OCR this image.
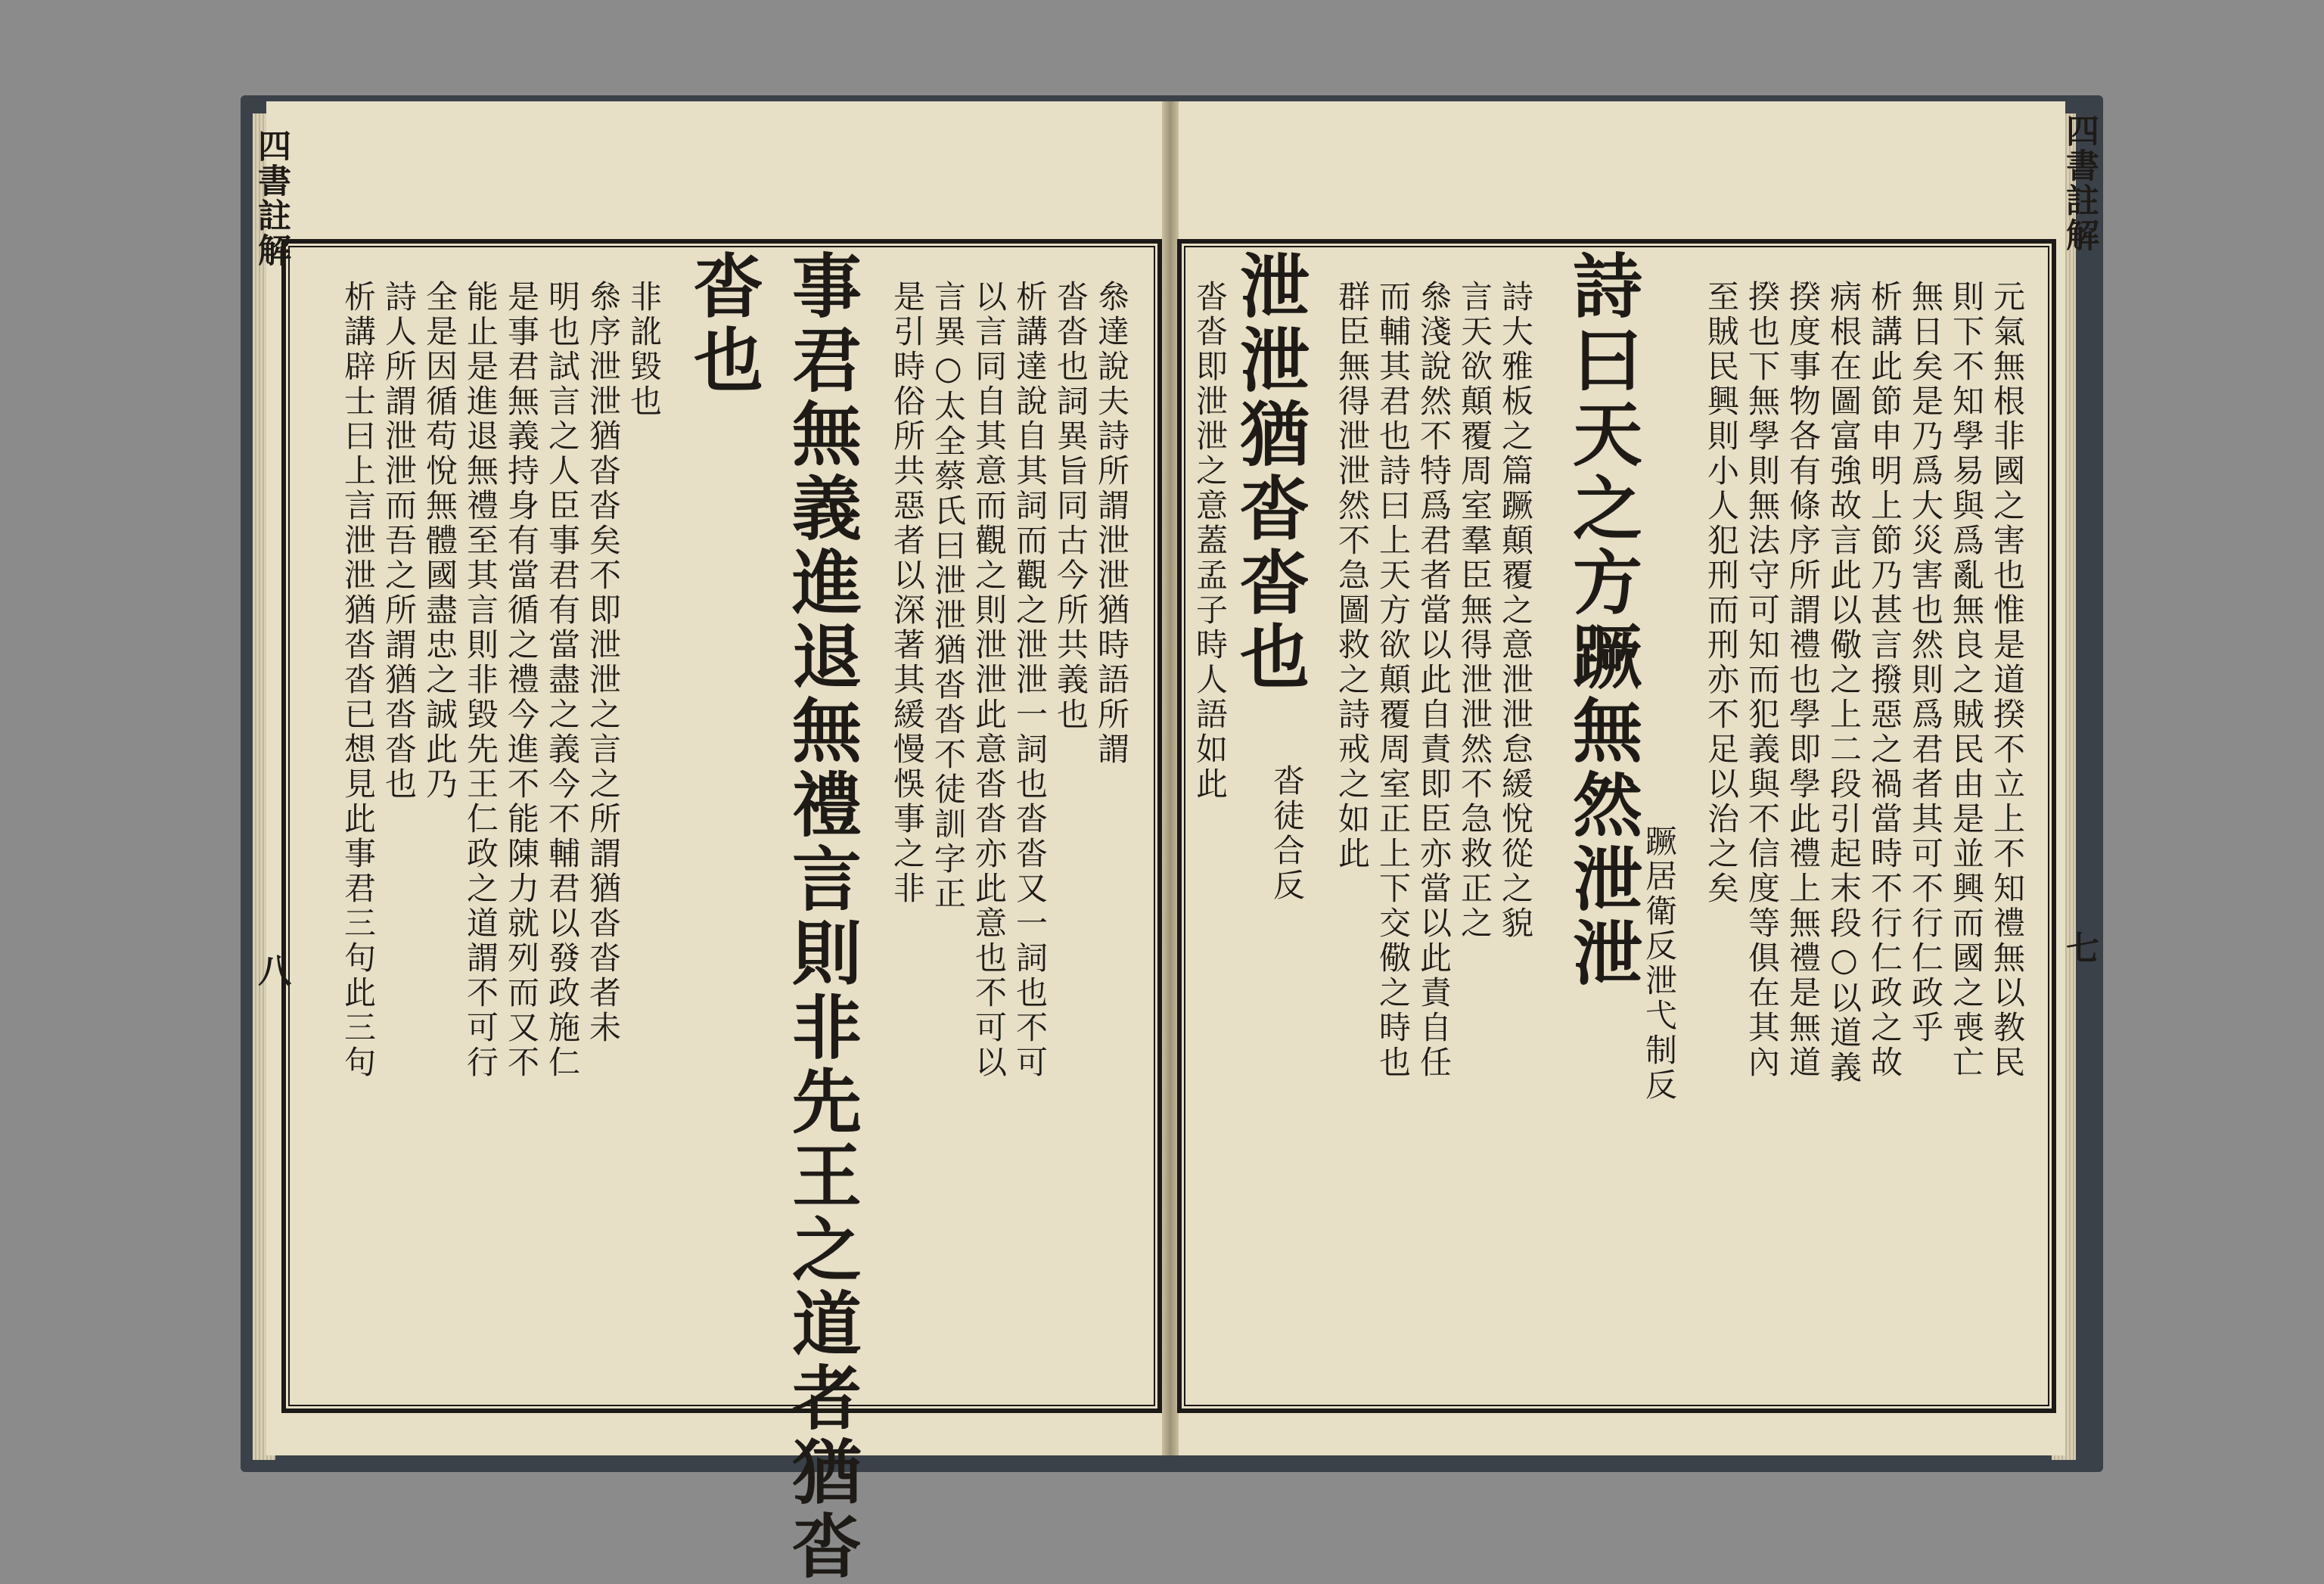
四書註解
八
四書註解
七
元氣無根非國之害也惟是道揆不立上不知禮無以教民
則下不知學易與爲亂無良之賊民由是並興而國之喪亡
無日矣是乃爲大災害也然則爲君者其可不行仁政乎
析講此節申明上節乃甚言撥惡之禍當時不行仁政之故
病根在圖富強故言此以儆之上二段引起末段○以道義
揆度事物各有條序所謂禮也學即學此禮上無禮是無道
揆也下無學則無法守可知而犯義與不信度等俱在其內
至賊民興則小人犯刑而刑亦不足以治之矣
詩曰天之方蹶無然泄泄
蹶居衛反泄弋制反
詩大雅板之篇蹶顛覆之意泄泄怠緩悅從之貌
言天欲顛覆周室羣臣無得泄泄然不急救正之
叅淺說然不特爲君者當以此自責即臣亦當以此責自任
而輔其君也詩曰上天方欲顛覆周室正上下交儆之時也
群臣無得泄泄然不急圖救之詩戒之如此
泄泄猶沓沓也
沓徒合反
沓沓即泄泄之意蓋孟子時人語如此
叅達說夫詩所謂泄泄猶時語所謂
沓沓也詞異旨同古今所共義也
析講達說自其詞而觀之泄泄一詞也沓沓又一詞也不可
以言同自其意而觀之則泄泄此意沓沓亦此意也不可以
言異○太全蔡氏曰泄泄猶沓沓不徒訓字正
是引時俗所共惡者以深著其緩慢悞事之非
事君無義進退無禮言則非先王之道者猶沓
沓也
非訛毀也
叅序泄泄猶沓沓矣不即泄泄之言之所謂猶沓沓者未
明也試言之人臣事君有當盡之義今不輔君以發政施仁
是事君無義持身有當循之禮今進不能陳力就列而又不
能止是進退無禮至其言則非毀先王仁政之道謂不可行
全是因循苟悅無體國盡忠之誠此乃
詩人所謂泄泄而吾之所謂猶沓沓也
析講辟士曰上言泄泄猶沓沓已想見此事君三句此三句
